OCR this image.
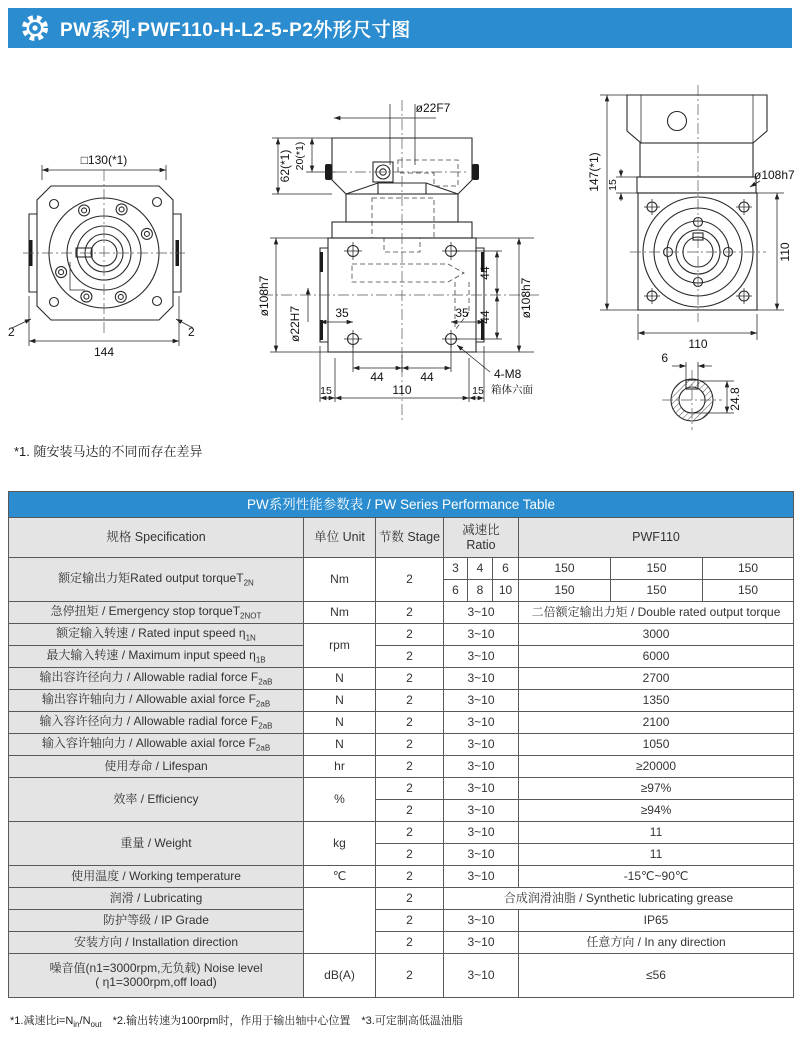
PW系列·PWF110-H-L2-5-P2外形尺寸图
□130(*1)
144
2	2
ø22F7
62(*1) 20(*1)
ø108h7
ø22H7	35	35
44
44 ø108h7
44	44
15	110	15
4-M8
箱体六面
147(*1) 15
ø108h7
110
110
6
24.8
*1. 随安装马达的不同而存在差异
PW系列性能参数表 / PW Series Performance Table								
规格 Specification	单位 Unit	节数 Stage	减速比 Ratio			PWF110		
额定输出力矩Rated output torqueT$_{2N}$	Nm	2	3	4	6	150	150	150
			6	8	10	150	150	150
急停扭矩 / Emergency stop torqueT$_{2NOT}$	Nm	2	3~10			二倍额定输出力矩 / Double rated output torque		
额定输入转速 / Rated input speed $\eta_{1N}$	rpm	2	3~10			3000		
最大输入转速 / Maximum input speed $\eta_{1B}$		2	3~10			6000		
输出容许径向力 / Allowable radial force $F_{2aB}$	N	2	3~10			2700		
输出容许轴向力 / Allowable axial force $F_{2aB}$	N	2	3~10			1350		
输入容许径向力 / Allowable radial force $F_{2aB}$	N	2	3~10			2100		
输入容许轴向力 / Allowable axial force $F_{2aB}$	N	2	3~10			1050		
使用寿命 / Lifespan	hr	2	3~10			≥20000		
效率 / Efficiency	%	2	3~10			≥97%		
		2	3~10			≥94%		
重量 / Weight	kg	2	3~10			11		
		2	3~10			11		
使用温度 / Working temperature	℃	2	3~10			-15℃~90℃		
润滑 / Lubricating		2	合成润滑油脂 / Synthetic lubricating grease					
防护等级 / IP Grade		2	3~10			IP65		
安装方向 / Installation direction		2	3~10			任意方向 / In any direction		

噪音值(n1=3000rpm,无负载) Noise level
( η1=3000rpm,off load)	dB(A)	2	3~10			≤56		
*1.减速比$i=N_{in}/N_{out}$　*2.输出转速为100rpm时，作用于输出轴中心位置　*3.可定制高低温油脂
